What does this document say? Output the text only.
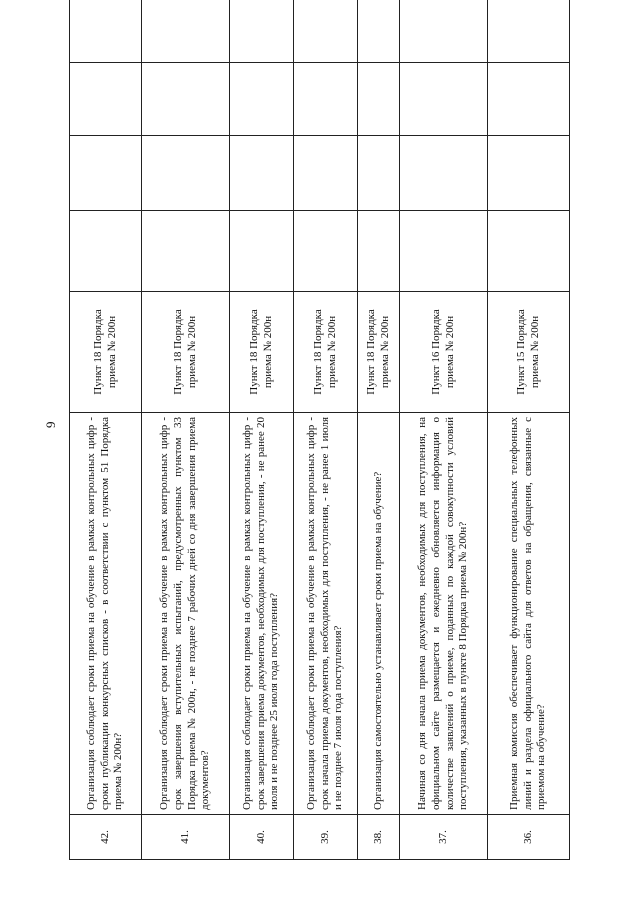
9
42.	Организация соблюдает сроки приема на обучение в рамках контрольных цифр - сроки публикации конкурсных списков - в соответствии с пунктом 51 Порядка приема № 200н?	Пункт 18 Порядка приема № 200н				
41.	Организация соблюдает сроки приема на обучение в рамках контрольных цифр - срок завершения вступительных испытаний, предусмотренных пунктом 33 Порядка приема № 200н, - не позднее 7 рабочих дней со дня завершения приема документов?	Пункт 18 Порядка приема № 200н				
40.	Организация соблюдает сроки приема на обучение в рамках контрольных цифр - срок завершения приема документов, необходимых для поступления, - не ранее 20 июля и не позднее 25 июля года поступления?	Пункт 18 Порядка приема № 200н				
39.	Организация соблюдает сроки приема на обучение в рамках контрольных цифр - срок начала приема документов, необходимых для поступления, - не ранее 1 июля и не позднее 7 июля года поступления?	Пункт 18 Порядка приема № 200н				
38.	Организация самостоятельно устанавливает сроки приема на обучение?	Пункт 18 Порядка приема № 200н				
37.	Начиная со дня начала приема документов, необходимых для поступления, на официальном сайте размещается и ежедневно обновляется информация о количестве заявлений о приеме, поданных по каждой совокупности условий поступления, указанных в пункте 8 Порядка приема № 200н?	Пункт 16 Порядка приема № 200н				
36.	Приемная комиссия обеспечивает функционирование специальных телефонных линий и раздела официального сайта для ответов на обращения, связанные с приемом на обучение?	Пункт 15 Порядка приема № 200н				
